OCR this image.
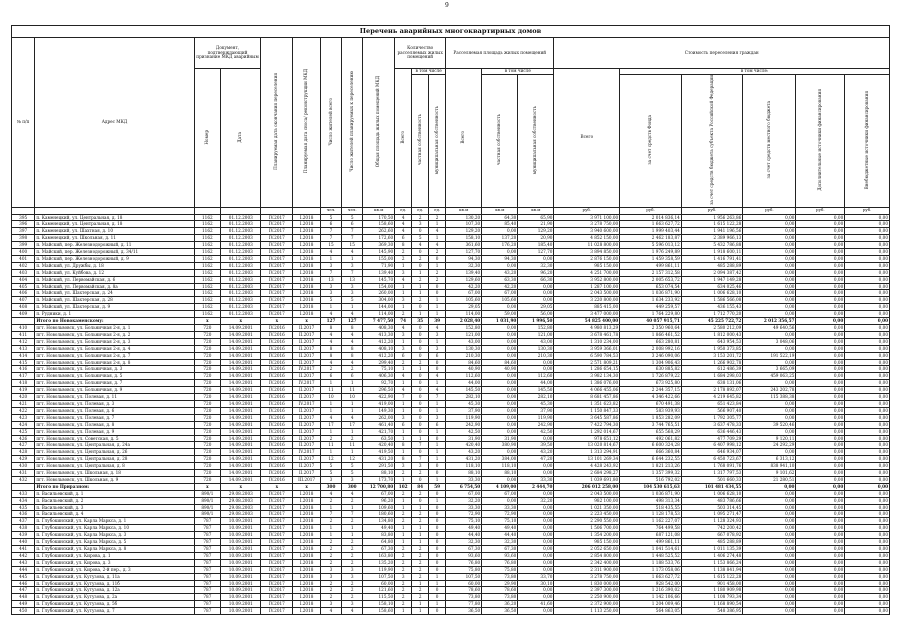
9
Перечень аварийных многоквартирных домов																				
№ п/п	Адрес МКД	Документ, подтверждающий признание МКД аварийным		Планируемая дата окончания переселения	Планируемая дата сноса/ реконструкции МКД	Число жителей всего	Число жителей планируемых к переселению	Общая площадь жилых помещений МКД	Количество расселяемых жилых помещений			Расселяемая площадь жилых помещений			Стоимость переселения граждан					
		Номер	Дата						Всего	в том числе		Всего	в том числе		Всего	в том числе:				
										частная собственность	муниципальная собственность		частная собственность	муниципальная собственность		за счет средств Фонда	за счет средств бюджета субъекта Российской Федерации	за счет средств местного бюджета	Дополнительные источники финансирования	Внебюджетные источники финансирования
						чел.	чел.	кв.м	ед.	ед.	ед.	кв.м	кв.м	кв.м	руб.	руб.	руб.	руб.	руб.	руб.
395	п. Каменецкий, ул. Центральная, д. 18	1162	01.12.2003	IV.2017	I.2018	5	5	170,50	4	2	2	130,20	64,30	65,90	3 971 100,00	2 014 836,14	1 956 263,86	0,00	0,00	0,00
396	п. Каменецкий, ул. Центральная, д. 18	1162	01.12.2003	IV.2017	I.2018	6	6	158,60	4	3	1	107,30	85,40	21,90	3 278 750,00	1 663 627,72	1 615 122,28	0,00	0,00	0,00
397	п. Каменецкий, ул. Шахтная, д. 10	1162	01.12.2003	IV.2017	I.2018	7	7	262,60	4	0	4	129,20	0,00	129,20	3 940 600,00	1 999 403,44	1 941 196,56	0,00	0,00	0,00
398	п. Каменецкий, ул. Школьная, д. 11	1162	01.12.2003	IV.2017	I.2018	7	7	172,60	6	5	1	158,10	137,20	20,90	4 852 150,00	2 462 183,87	2 389 966,13	0,00	0,00	0,00
399	п. Майский, пер. Железнодорожный, д. 11	1162	01.12.2003	IV.2017	I.2018	15	15	369,30	8	4	4	361,60	176,20	185,40	11 028 800,00	5 596 013,12	5 432 786,88	0,00	0,00	0,00
400	п. Майский, пер. Железнодорожный, д. 34/11	1162	01.12.2003	IV.2017	I.2018	4	4	145,90	2	0	2	127,70	0,00	127,70	3 894 850,00	1 976 249,89	1 918 600,11	0,00	0,00	0,00
401	п. Майский, пер. Железнодорожный, д. 9	1162	01.12.2003	IV.2017	I.2018	1	1	155,00	2	2	0	94,30	94,30	0,00	2 876 150,00	1 459 358,59	1 416 791,41	0,00	0,00	0,00
402	п. Майский, ул. Дружбы, д. 18	1162	01.12.2003	IV.2017	I.2018	3	3	71,90	1	0	1	32,30	0,00	32,30	985 150,00	499 861,11	485 288,89	0,00	0,00	0,00
403	п. Майский, ул. Куйбова, д. 12	1162	01.12.2003	IV.2017	I.2018	7	7	139,40	3	1	2	139,40	43,20	96,20	4 251 700,00	2 157 312,58	2 094 387,42	0,00	0,00	0,00
404	п. Майский, ул. Первомайская, д. 6	1162	01.12.2003	IV.2017	I.2018	13	13	145,70	4	2	2	129,60	63,30	66,30	3 952 800,00	2 005 653,72	1 947 149,28	0,00	0,00	0,00
405	п. Майский, ул. Первомайская, д. 8а	1162	01.12.2003	IV.2017	I.2018	3	3	154,00	1	1	0	42,20	42,20	0,00	1 287 100,00	653 074,54	634 025,46	0,00	0,00	0,00
406	п. Майский, ул. Шахтерская, д. 24	1162	01.12.2003	IV.2017	I.2018	3	3	260,00	1	1	0	67,00	67,00	0,00	2 043 500,00	1 036 871,90	1 006 628,10	0,00	0,00	0,00
407	п. Майский, ул. Шахтерская, д. 28	1162	01.12.2003	IV.2017	I.2018	5	5	304,00	3	2	1	105,60	105,60	0,00	3 220 800,00	1 634 233,92	1 586 566,08	0,00	0,00	0,00
408	п. Майский, ул. Шахтерская, д. 9	1162	01.12.2003	IV.2017	I.2018	1	1	144,00	1	0	1	29,05	0,00	29,05	885 415,00	449 259,57	436 155,43	0,00	0,00	0,00
409	п. Рудники, д. 1	1162	01.12.2003	IV.2017	I.2018	4	4	114,00	2	1	1	114,00	59,00	56,00	3 477 000,00	1 764 229,80	1 712 770,20	0,00	0,00	0,00
	Итого по Новокаменскому:	x	x	x	x	127	127	7 477,50	74	35	39	2 028,40	1 031,90	1 996,50	54 825 400,00	40 057 915,71	45 225 722,72	2 012 356,57	0,00	0,00
410	пгт. Новольвовск, ул. Больничная 2-я, д. 1	720	14.09.2001	IV.2016	II.2017	8	8	408,30	4	0	4	152,80	0,00	152,80	4 980 813,29	2 350 960,64	2 580 212,09	49 640,56	0,00	0,00
411	пгт. Новольвовск, ул. Больничная 2-я, д. 2	720	14.09.2001	IV.2016	II.2017	4	4	413,30	3	0	3	121,00	0,00	121,00	3 678 461,78	1 866 461,52	1 812 000,43	0,00	0,00	0,00
412	пгт. Новольвовск, ул. Больничная 2-я, д. 3	720	14.09.2001	IV.2016	II.2017	4	4	412,20	1	0	1	43,00	0,00	43,00	1 310 234,00	663 280,81	643 954,53	3 048,06	0,00	0,00
413	пгт. Новольвовск, ул. Больничная 2-я, д. 4	720	14.09.2001	IV.2016	II.2017	8	8	408,10	3	0	3	130,30	0,00	130,30	3 959 366,01	2 008 992,16	1 950 373,85	0,00	0,00	0,00
414	пгт. Новольвовск, ул. Больничная 2-я, д. 7	720	14.09.2001	IV.2016	II.2017	8	8	412,20	6	0	6	210,30	0,00	210,30	6 590 784,53	3 246 090,06	3 153 201,72	191 522,19	0,00	0,00
415	пгт. Новольвовск, ул. Больничная 2-я, д. 8	720	14.09.2001	IV.2016	II.2017	4	4	299,40	2	2	0	84,60	84,60	0,00	2 571 809,21	1 304 906,43	1 266 902,78	0,00	0,00	0,00
416	пгт. Новольвовск, ул. Больничная, д. 3	720	14.09.2001	IV.2016	IV.2017	2	2	75,10	1	1	0	40,90	40,90	0,00	1 286 654,15	630 885,82	612 486,39	3 665,09	0,00	0,00
417	пгт. Новольвовск, ул. Больничная, д. 5	720	14.09.2001	IV.2016	II.2017	6	6	406,30	4	0	4	112,60	0,00	112,60	3 982 134,30	1 726 879,22	1 684 298,03	459 063,25	0,00	0,00
418	пгт. Новольвовск, ул. Больничная, д. 7	720	14.09.2001	IV.2016	IV.2017	1	1	92,70	1	0	1	44,00	0,00	44,00	1 386 076,00	673 925,80	638 131,06	0,00	0,00	0,00
419	пгт. Новольвовск, ул. Больничная, д. 9	720	14.09.2001	IV.2016	II.2017	11	11	296,50	4	0	4	145,50	0,00	145,50	4 066 455,06	2 244 357,15	2 178 892,07	243 202,78	0,00	0,00
420	пгт. Новольвовск, ул. Полевая, д. 11	720	14.09.2001	IV.2016	II.2017	10	10	422,90	7	0	7	282,10	0,00	282,10	8 681 457,86	4 346 422,66	4 219 645,82	115 388,38	0,00	0,00
421	пгт. Новольвовск, ул. Полевая, д. 3	720	14.09.2001	IV.2016	IV.2017	1	1	419,00	1	0	1	45,30	0,00	45,30	1 351 623,82	670 491,38	651 423,84	0,00	0,00	0,00
422	пгт. Новольвовск, ул. Полевая, д. 6	720	14.09.2001	IV.2016	II.2017	1	1	149,30	1	0	1	37,90	0,00	37,90	1 150 847,33	583 939,93	566 907,40	0,00	0,00	0,00
423	пгт. Новольвовск, ул. Полевая, д. 7	720	14.09.2001	IV.2016	II.2017	4	4	262,00	3	0	3	119,90	0,00	119,90	3 645 587,86	1 853 282,09	1 792 305,77	0,00	0,00	0,00
424	пгт. Новольвовск, ул. Полевая, д. 8	720	14.09.2001	IV.2016	II.2017	17	17	461,40	6	0	6	242,90	0,00	242,90	7 422 794,30	3 744 765,51	3 637 478,33	39 520,46	0,00	0,00
425	пгт. Новольвовск, ул. Полевая, д. 9	720	14.09.2001	IV.2016	II.2017	1	1	421,70	1	0	1	42,50	0,00	42,50	1 292 014,67	655 568,29	636 446,43	0,00	0,00	0,00
426	пгт. Новольвовск, ул. Советская, д. 5	720	14.09.2001	IV.2016	II.2017	2	2	63,50	1	1	0	31,90	31,90	0,00	978 651,12	492 061,82	477 709,29	9 120,11	0,00	0,00
427	пгт. Новольвовск, ул. Центральная, д. 24а	720	14.09.2001	IV.2016	II.2017	11	11	420,40	8	7	1	420,40	380,90	39,50	13 020 814,67	6 600 324,28	6 407 998,12	24 292,29	0,00	0,00
428	пгт. Новольвовск, ул. Центральная, д. 26	720	14.09.2001	IV.2016	IV.2017	1	1	419,50	1	0	1	43,20	0,00	43,20	1 313 294,91	666 360,84	646 934,07	0,00	0,00	0,00
429	пгт. Новольвовск, ул. Центральная, д. 28	720	14.09.2001	IV.2016	II.2017	12	12	431,20	8	7	1	431,20	384,00	47,20	13 101 269,34	6 644 232,55	6 450 723,67	6 313,12	0,00	0,00
430	пгт. Новольвовск, ул. Центральная, д. 8	720	14.09.2001	IV.2016	II.2017	5	5	291,50	3	3	0	118,10	118,10	0,00	4 428 243,92	1 821 213,26	1 768 091,76	838 941,10	0,00	0,00
431	пгт. Новольвовск, ул. Школьная, д. 18	720	14.09.2001	IV.2016	II.2017	5	5	88,10	2	2	0	88,10	88,10	0,00	2 684 298,27	1 357 399,32	1 317 797,53	9 101,62	0,00	0,00
432	пгт. Новольвовск, ул. Школьная, д. 9	720	14.09.2001	IV.2016	III.2017	3	3	173,70	1	0	1	33,30	0,00	33,30	1 039 691,80	516 792,02	501 660,33	21 280,51	0,00	0,00
	Итого по Приразном:	x	x	x	x	300	300	12 700,80	102	84	59	6 754,50	4 109,00	2 444,70	206 012 258,00	104 530 615,63	101 481 434,55	0,00	0,00	0,00
433	п. Васильевский, д. 1	890/1	29.08.2003	IV.2017	I.2018	4	4	67,00	2	2	0	67,00	67,00	0,00	2 043 500,00	1 036 871,90	1 006 628,10	0,00	0,00	0,00
434	п. Васильевский, д. 2	890/1	29.08.2003	IV.2017	I.2018	2	2	96,20	1	0	1	32,20	0,00	32,20	982 100,00	498 313,34	483 786,66	0,00	0,00	0,00
435	п. Васильевский, д. 3	890/1	29.08.2003	IV.2017	I.2018	1	1	109,60	1	1	0	33,30	33,30	0,00	1 021 350,00	518 435,55	503 314,45	0,00	0,00	0,00
436	п. Васильевский, д. 4	890/1	29.08.2003	IV.2017	I.2018	7	7	180,60	2	2	0	72,90	72,90	0,00	2 223 450,00	1 128 178,53	1 095 271,47	0,00	0,00	0,00
437	п. Глубокинский, ул. Карла Маркса, д. 1	787	10.09.2001	IV.2017	I.2018	2	2	134,80	2	2	0	75,10	75,10	0,00	2 290 550,00	1 162 227,07	1 128 324,93	0,00	0,00	0,00
438	п. Глубокинский, ул. Карла Маркса, д. 10	787	10.09.2001	IV.2017	I.2018	1	1	49,40	1	1	0	49,40	49,40	0,00	1 506 700,00	764 499,58	742 200,42	0,00	0,00	0,00
439	п. Глубокинский, ул. Карла Маркса, д. 3	787	10.09.2001	IV.2017	I.2018	1	1	83,80	1	1	0	44,40	44,40	0,00	1 354 200,00	687 121,08	667 078,92	0,00	0,00	0,00
440	п. Глубокинский, ул. Карла Маркса, д. 5	787	10.09.2001	IV.2017	I.2018	2	2	64,80	1	1	0	32,30	32,30	0,00	985 150,00	499 861,11	485 288,89	0,00	0,00	0,00
441	п. Глубокинский, ул. Карла Маркса, д. 8	787	10.09.2001	IV.2017	I.2018	2	2	67,30	2	2	0	67,30	67,30	0,00	2 052 650,00	1 041 514,61	1 011 135,39	0,00	0,00	0,00
442	п. Глубокинский, ул. Кирова, д. 1	787	10.09.2001	IV.2017	I.2018	2	2	163,80	2	2	0	93,60	93,60	0,00	2 854 800,00	1 448 525,52	1 406 274,48	0,00	0,00	0,00
443	п. Глубокинский, ул. Кирова, д. 3	787	10.09.2001	IV.2017	I.2018	2	2	135,20	2	2	0	76,80	76,80	0,00	2 342 400,00	1 188 533,76	1 153 866,24	0,00	0,00	0,00
444	п. Глубокинский, ул. Кирова, 2-й пер., д. 3	787	10.09.2001	IV.2017	I.2018	3	3	119,90	2	2	0	75,80	75,80	0,00	2 311 900,00	1 173 058,06	1 138 841,94	0,00	0,00	0,00
445	п. Глубокинский, ул. Кутузова, д. 11а	787	10.09.2001	IV.2017	I.2018	3	3	107,50	3	2	1	107,50	73,80	33,70	3 278 750,00	1 663 627,72	1 615 122,28	0,00	0,00	0,00
446	п. Глубокинский, ул. Кутузова, д. 11б	787	10.09.2001	IV.2017	I.2018	2	2	60,00	2	1	1	60,00	29,90	30,10	1 830 000,00	928 542,00	901 458,00	0,00	0,00	0,00
447	п. Глубокинский, ул. Кутузова, д. 12а	787	10.09.2001	IV.2017	I.2018	2	2	121,60	2	2	0	78,60	78,60	0,00	2 397 300,00	1 216 390,02	1 180 909,98	0,00	0,00	0,00
448	п. Глубокинский, ул. Кутузова, д. 2а	787	10.09.2001	IV.2017	I.2018	2	2	115,50	2	2	0	73,80	73,80	0,00	2 250 900,00	1 142 106,66	1 108 793,34	0,00	0,00	0,00
449	п. Глубокинский, ул. Кутузова, д. 5б	787	10.09.2001	IV.2017	I.2018	3	3	158,10	2	1	1	77,80	36,20	41,60	2 372 900,00	1 204 009,46	1 168 890,54	0,00	0,00	0,00
450	п. Глубокинский, ул. Кутузова, д. 7	787	10.09.2001	IV.2017	I.2018	4	4	158,60	1	1	0	36,50	36,50	0,00	1 113 250,00	564 863,05	548 386,95	0,00	0,00	0,00
